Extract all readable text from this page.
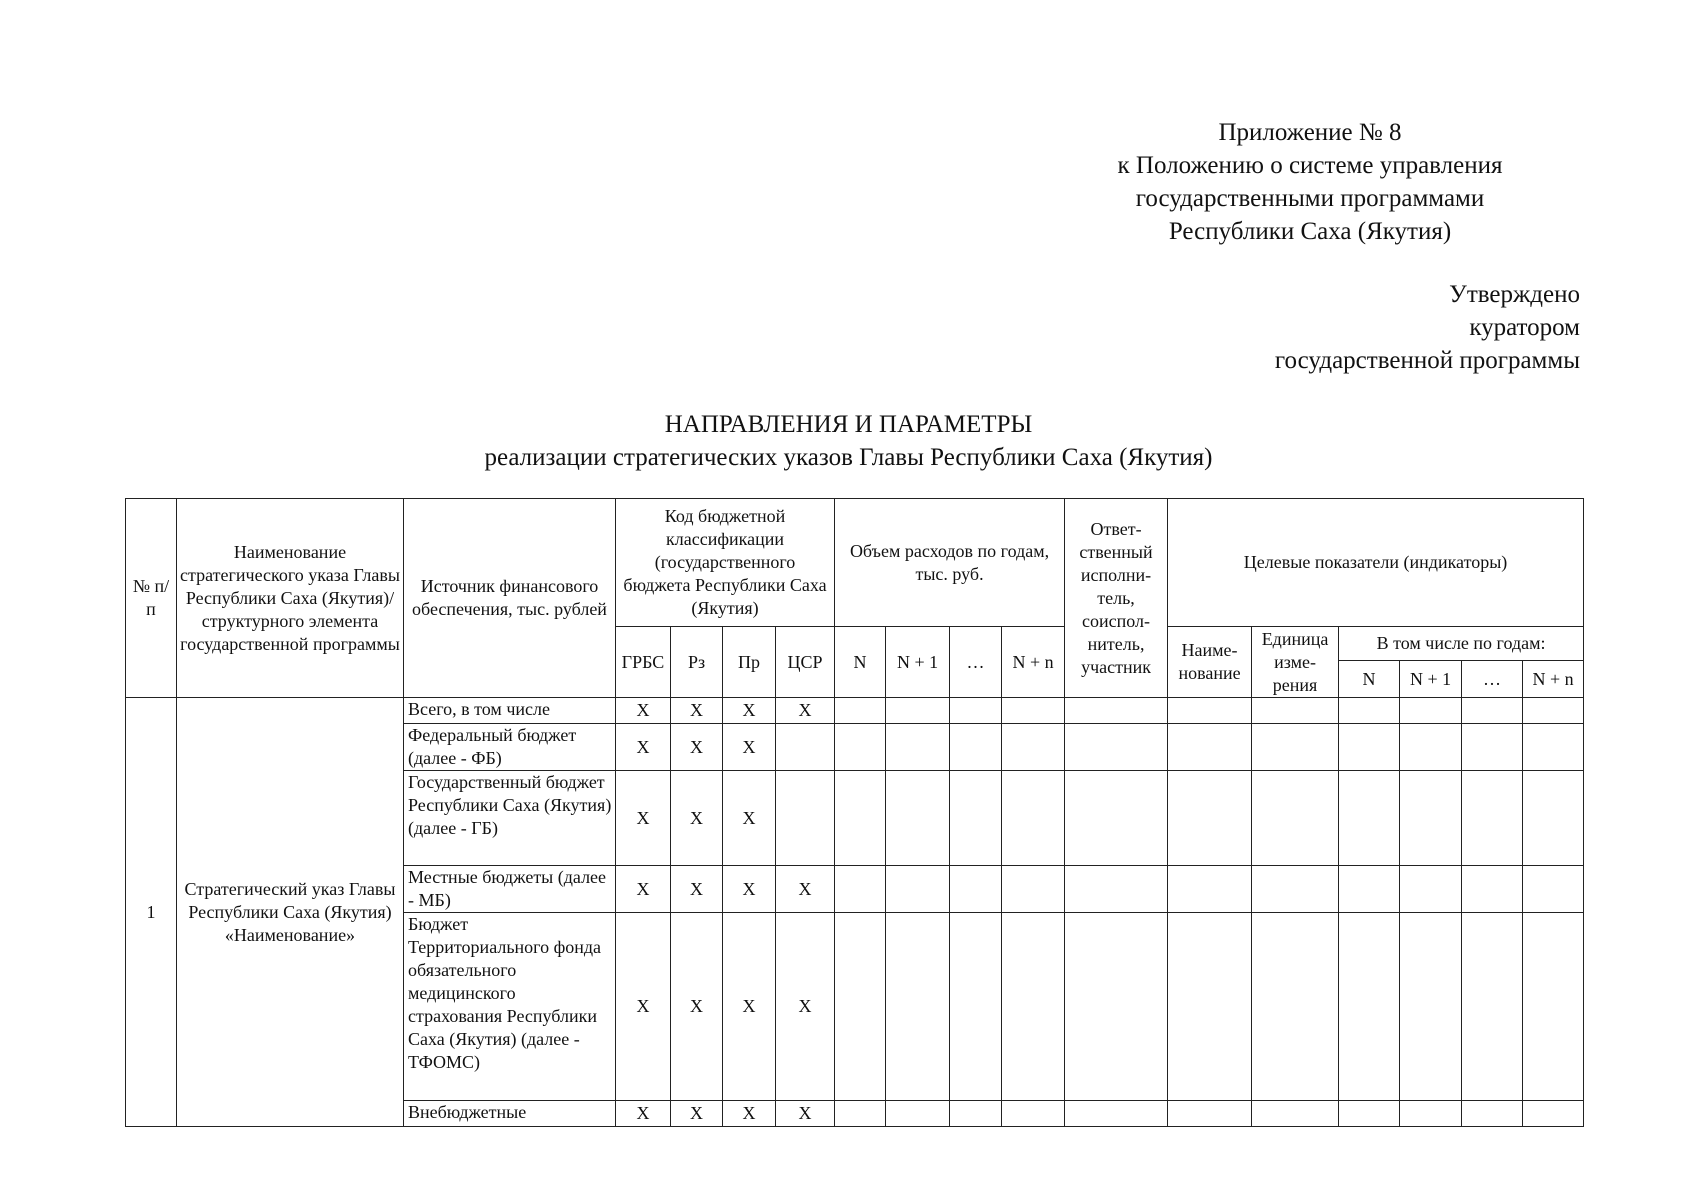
Приложение № 8
к Положению о системе управления
государственными программами
Республики Саха (Якутия)
Утверждено
куратором
государственной программы
НАПРАВЛЕНИЯ И ПАРАМЕТРЫ
реализации стратегических указов Главы Республики Саха (Якутия)
№ п/п	Наименование стратегического указа Главы Республики Саха (Якутия)/ структурного элемента государственной программы	Источник финансового обеспечения, тыс. рублей	Код бюджетной классификации (государственного бюджета Республики Саха (Якутия)				Объем расходов по годам, тыс. руб.				Ответ-ственный исполни-тель, соиспол-нитель, участник	Целевые показатели (индикаторы)					
			ГРБС	Рз	Пр	ЦСР	N	N + 1	…	N + n		Наиме-нование	Единица изме-рения	В том числе по годам:			
														N	N + 1	…	N + n
1	Стратегический указ Главы Республики Саха (Якутия) «Наименование»	Всего, в том числе	Х	Х	Х	Х											
		Федеральный бюджет (далее - ФБ)	Х	Х	Х												
		Государственный бюджет Республики Саха (Якутия) (далее - ГБ)	Х	Х	Х												
		Местные бюджеты (далее - МБ)	Х	Х	Х	Х											
		Бюджет Территориального фонда обязательного медицинского страхования Республики Саха (Якутия) (далее - ТФОМС)	Х	Х	Х	Х											
		Внебюджетные	Х	Х	Х	Х											
